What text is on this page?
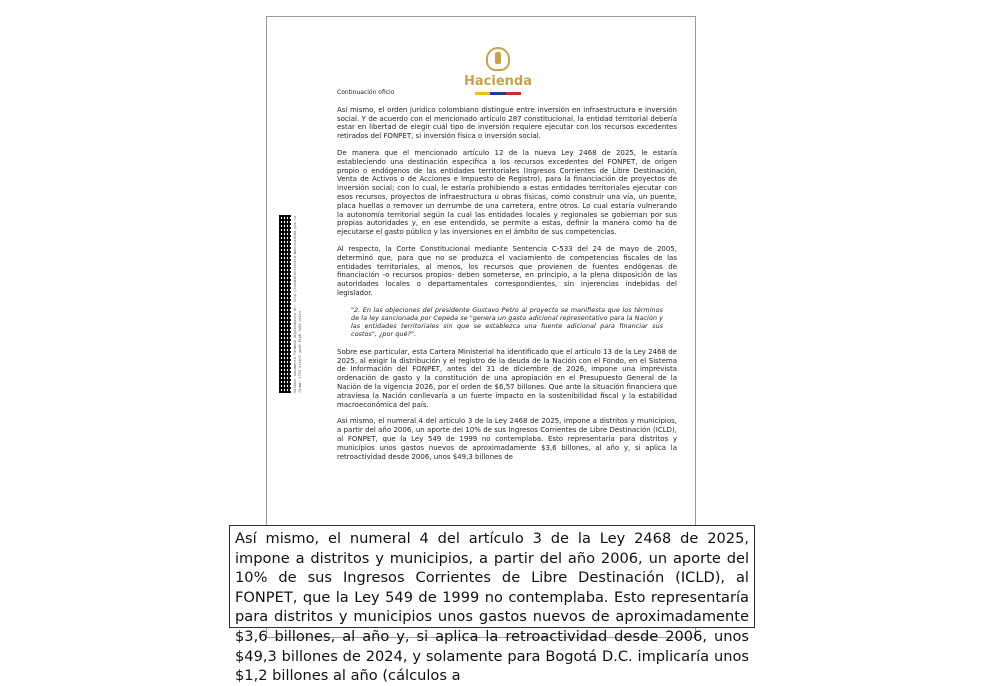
Hacienda
Validar documento firmado digitalmente en: http://sedeelectronica.minhacienda.gov.co firma: lTY3 sfxbrC gwzR 6tyR fu03 wtLts

Continuación oficio

Así mismo, el orden jurídico colombiano distingue entre inversión en infraestructura e inversión social. Y de acuerdo con el mencionado artículo 287 constitucional, la entidad territorial debería estar en libertad de elegir cuál tipo de inversión requiere ejecutar con los recursos excedentes retirados del FONPET, si inversión física o inversión social.

De manera que el mencionado artículo 12 de la nueva Ley 2468 de 2025, le estaría estableciendo una destinación específica a los recursos excedentes del FONPET, de origen propio o endógenos de las entidades territoriales (Ingresos Corrientes de Libre Destinación, Venta de Activos o de Acciones e Impuesto de Registro), para la financiación de proyectos de inversión social; con lo cual, le estaría prohibiendo a estas entidades territoriales ejecutar con esos recursos, proyectos de infraestructura u obras físicas, como construir una vía, un puente, placa huellas o remover un derrumbe de una carretera, entre otros. Lo cual estaría vulnerando la autonomía territorial según la cual las entidades locales y regionales se gobiernan por sus propias autoridades y, en ese entendido, se permite a estas, definir la manera como ha de ejecutarse el gasto público y las inversiones en el ámbito de sus competencias.

Al respecto, la Corte Constitucional mediante Sentencia C-533 del 24 de mayo de 2005, determinó que, para que no se produzca el vaciamiento de competencias fiscales de las entidades territoriales, al menos, los recursos que provienen de fuentes endógenas de financiación -o recursos propios- deben someterse, en principio, a la plena disposición de las autoridades locales o departamentales correspondientes, sin injerencias indebidas del legislador.

"2. En las objeciones del presidente Gustavo Petro al proyecto se manifiesta que los términos de la ley sancionada por Cepeda se "genera un gasto adicional representativo para la Nación y las entidades territoriales sin que se establezca una fuente adicional para financiar sus costos", ¿por qué?".

Sobre ese particular, esta Cartera Ministerial ha identificado que el artículo 13 de la Ley 2468 de 2025, al exigir la distribución y el registro de la deuda de la Nación con el Fondo, en el Sistema de Información del FONPET, antes del 31 de diciembre de 2026, impone una imprevista ordenación de gasto y la constitución de una apropiación en el Presupuesto General de la Nación de la vigencia 2026, por el orden de $6,57 billones. Que ante la situación financiera que atraviesa la Nación conllevaría a un fuerte impacto en la sostenibilidad fiscal y la estabilidad macroeconómica del país.

Así mismo, el numeral 4 del artículo 3 de la Ley 2468 de 2025, impone a distritos y municipios, a partir del año 2006, un aporte del 10% de sus Ingresos Corrientes de Libre Destinación (ICLD), al FONPET, que la Ley 549 de 1999 no contemplaba. Esto representaría para distritos y municipios unos gastos nuevos de aproximadamente $3,6 billones, al año y, si aplica la retroactividad desde 2006, unos $49,3 billones de

Así mismo, el numeral 4 del artículo 3 de la Ley 2468 de 2025, impone a distritos y municipios, a partir del año 2006, un aporte del 10% de sus Ingresos Corrientes de Libre Destinación (ICLD), al FONPET, que la Ley 549 de 1999 no contemplaba. Esto representaría para distritos y municipios unos gastos nuevos de aproximadamente $3,6 billones, al año y, si aplica la retroactividad desde 2006, unos $49,3 billones de 2024, y solamente para Bogotá D.C. implicaría unos $1,2 billones al año (cálculos a
